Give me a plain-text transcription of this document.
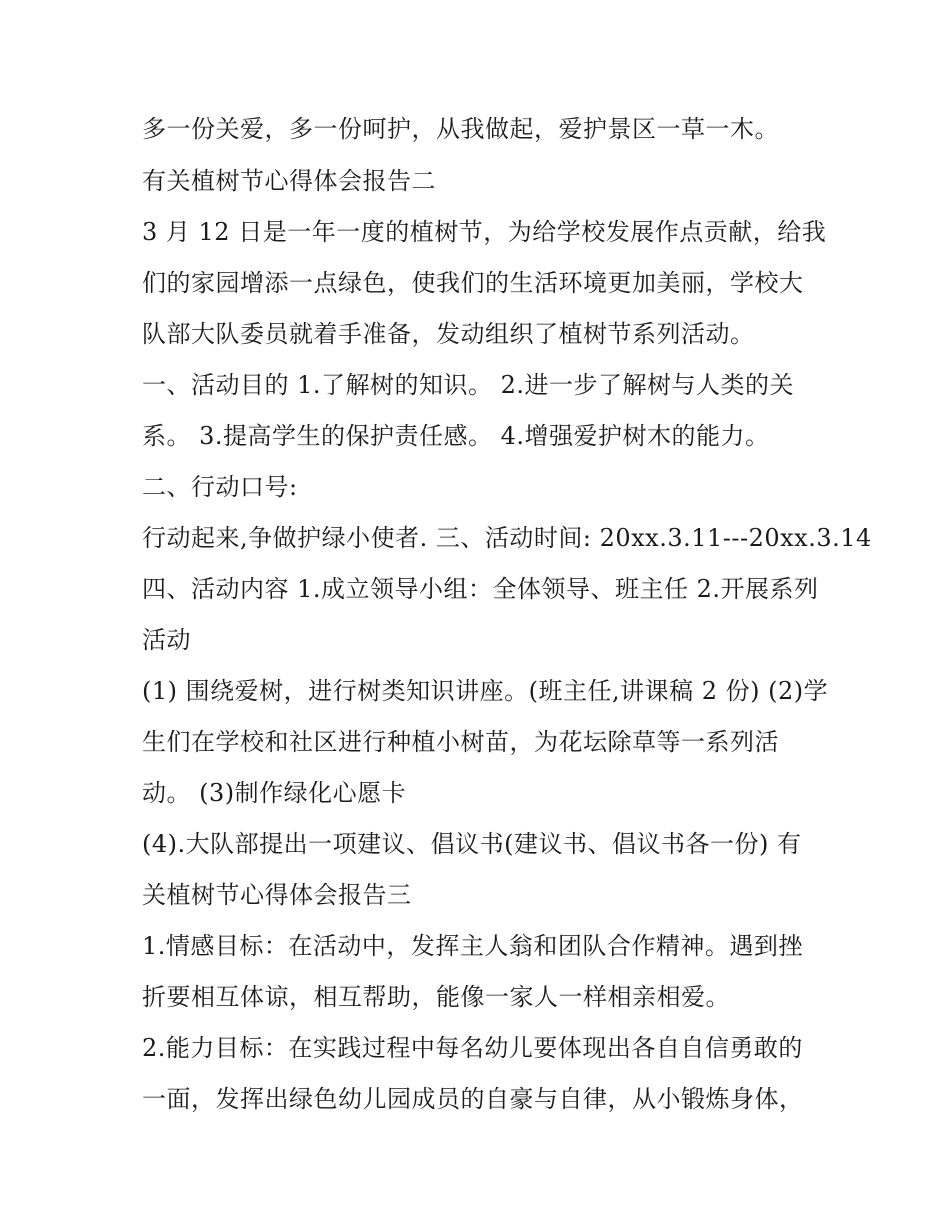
多一份关爱，多一份呵护，从我做起，爱护景区一草一木。
有关植树节心得体会报告二
3 月 12 日是一年一度的植树节，为给学校发展作点贡献，给我
们的家园增添一点绿色，使我们的生活环境更加美丽，学校大
队部大队委员就着手准备，发动组织了植树节系列活动。
一、活动目的 1.了解树的知识。 2.进一步了解树与人类的关
系。 3.提高学生的保护责任感。 4.增强爱护树木的能力。
二、行动口号:
行动起来,争做护绿小使者. 三、活动时间: 20xx.3.11---20xx.3.14
四、活动内容 1.成立领导小组：全体领导、班主任 2.开展系列
活动
(1) 围绕爱树，进行树类知识讲座。(班主任,讲课稿 2 份) (2)学
生们在学校和社区进行种植小树苗，为花坛除草等一系列活
动。 (3)制作绿化心愿卡
(4).大队部提出一项建议、倡议书(建议书、倡议书各一份) 有
关植树节心得体会报告三
1.情感目标：在活动中，发挥主人翁和团队合作精神。遇到挫
折要相互体谅，相互帮助，能像一家人一样相亲相爱。
2.能力目标：在实践过程中每名幼儿要体现出各自自信勇敢的
一面，发挥出绿色幼儿园成员的自豪与自律，从小锻炼身体，
